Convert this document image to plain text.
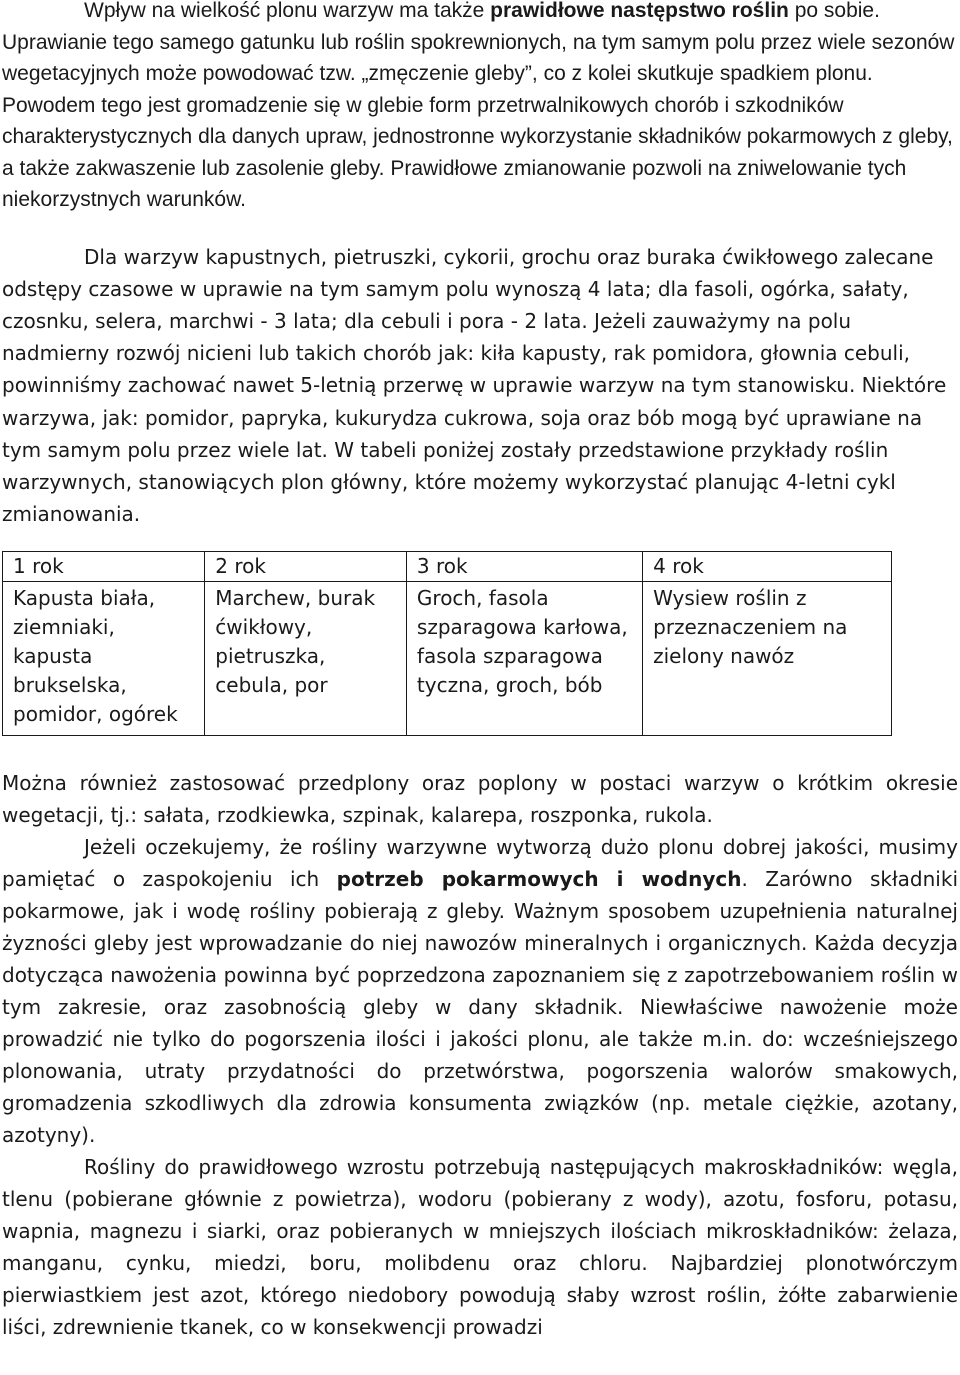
Wpływ na wielkość plonu warzyw ma także prawidłowe następstwo roślin po sobie. Uprawianie tego samego gatunku lub roślin spokrewnionych, na tym samym polu przez wiele sezonów wegetacyjnych może powodować tzw. „zmęczenie gleby”, co z kolei skutkuje spadkiem plonu. Powodem tego jest gromadzenie się w glebie form przetrwalnikowych chorób i szkodników charakterystycznych dla danych upraw, jednostronne wykorzystanie składników pokarmowych z gleby, a także zakwaszenie lub zasolenie gleby. Prawidłowe zmianowanie pozwoli na zniwelowanie tych niekorzystnych warunków.

Dla warzyw kapustnych, pietruszki, cykorii, grochu oraz buraka ćwikłowego zalecane odstępy czasowe w uprawie na tym samym polu wynoszą 4 lata; dla fasoli, ogórka, sałaty, czosnku, selera, marchwi - 3 lata; dla cebuli i pora - 2 lata. Jeżeli zauważymy na polu nadmierny rozwój nicieni lub takich chorób jak: kiła kapusty, rak pomidora, głownia cebuli, powinniśmy zachować nawet 5-letnią przerwę w uprawie warzyw na tym stanowisku. Niektóre warzywa, jak: pomidor, papryka, kukurydza cukrowa, soja oraz bób mogą być uprawiane na tym samym polu przez wiele lat. W tabeli poniżej zostały przedstawione przykłady roślin warzywnych, stanowiących plon główny, które możemy wykorzystać planując 4-letni cykl zmianowania.

1 rok	2 rok	3 rok	4 rok
Kapusta biała, ziemniaki, kapusta brukselska, pomidor, ogórek	Marchew, burak ćwikłowy, pietruszka, cebula, por	Groch, fasola szparagowa karłowa, fasola szparagowa tyczna, groch, bób	Wysiew roślin z przeznaczeniem na zielony nawóz

Można również zastosować przedplony oraz poplony w postaci warzyw o krótkim okresie wegetacji, tj.: sałata, rzodkiewka, szpinak, kalarepa, roszponka, rukola.

Jeżeli oczekujemy, że rośliny warzywne wytworzą dużo plonu dobrej jakości, musimy pamiętać o zaspokojeniu ich potrzeb pokarmowych i wodnych. Zarówno składniki pokarmowe, jak i wodę rośliny pobierają z gleby. Ważnym sposobem uzupełnienia naturalnej żyzności gleby jest wprowadzanie do niej nawozów mineralnych i organicznych. Każda decyzja dotycząca nawożenia powinna być poprzedzona zapoznaniem się z zapotrzebowaniem roślin w tym zakresie, oraz zasobnością gleby w dany składnik. Niewłaściwe nawożenie może prowadzić nie tylko do pogorszenia ilości i jakości plonu, ale także m.in. do: wcześniejszego plonowania, utraty przydatności do przetwórstwa, pogorszenia walorów smakowych, gromadzenia szkodliwych dla zdrowia konsumenta związków (np. metale ciężkie, azotany, azotyny).

Rośliny do prawidłowego wzrostu potrzebują następujących makroskładników: węgla, tlenu (pobierane głównie z powietrza), wodoru (pobierany z wody), azotu, fosforu, potasu, wapnia, magnezu i siarki, oraz pobieranych w mniejszych ilościach mikroskładników: żelaza, manganu, cynku, miedzi, boru, molibdenu oraz chloru. Najbardziej plonotwórczym pierwiastkiem jest azot, którego niedobory powodują słaby wzrost roślin, żółte zabarwienie liści, zdrewnienie tkanek, co w konsekwencji prowadzi
